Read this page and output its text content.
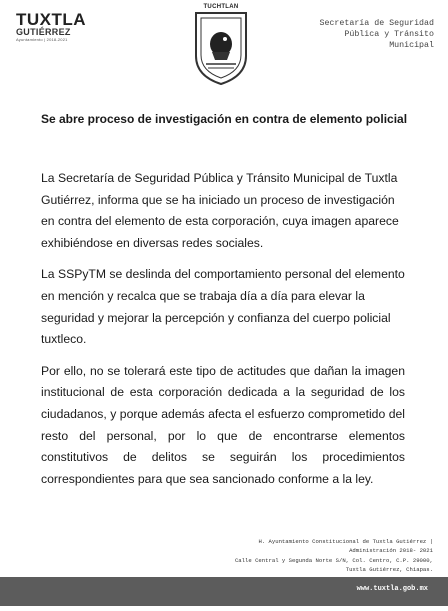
TUXTLA
GUTIÉRREZ
Ayuntamiento | 2018-2021
TUCHTLAN
Secretaría de Seguridad
Pública y Tránsito
Municipal
Se abre proceso de investigación en contra de elemento policial

La Secretaría de Seguridad Pública y Tránsito Municipal de Tuxtla Gutiérrez, informa que se ha iniciado un proceso de investigación en contra del elemento de esta corporación, cuya imagen aparece exhibiéndose en diversas redes sociales.

La SSPyTM se deslinda del comportamiento personal del elemento en mención y recalca que se trabaja día a día para elevar la seguridad y mejorar la percepción y confianza del cuerpo policial tuxtleco.

Por ello, no se tolerará este tipo de actitudes que dañan la imagen institucional de esta corporación dedicada a la seguridad de los ciudadanos, y porque además afecta el esfuerzo comprometido del resto del personal, por lo que de encontrarse elementos constitutivos de delitos se seguirán los procedimientos correspondientes para que sea sancionado conforme a la ley.

H. Ayuntamiento Constitucional de Tuxtla Gutiérrez |
Administración 2018- 2021
Calle Central y Segunda Norte S/N, Col. Centro, C.P. 29000,
Tuxtla Gutiérrez, Chiapas.
www.tuxtla.gob.mx
